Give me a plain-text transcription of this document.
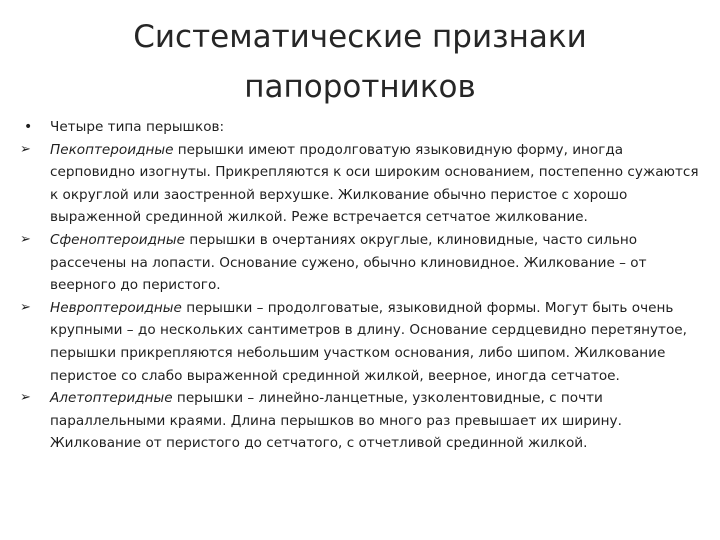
Систематические признаки
папоротников

•	Четыре типа перышков:

➢	Пекоптероидные перышки имеют продолговатую языковидную форму, иногда серповидно изогнуты. Прикрепляются к оси широким основанием, постепенно сужаются к округлой или заостренной верхушке. Жилкование обычно перистое с хорошо выраженной срединной жилкой. Реже встречается сетчатое жилкование.

➢	Сфеноптероидные перышки в очертаниях округлые, клиновидные, часто сильно рассечены на лопасти. Основание сужено, обычно клиновидное. Жилкование – от веерного до перистого.

➢	Невроптероидные перышки – продолговатые, языковидной формы. Могут быть очень крупными – до нескольких сантиметров в длину. Основание сердцевидно перетянутое, перышки прикрепляются небольшим участком основания, либо шипом. Жилкование перистое со слабо выраженной срединной жилкой, веерное, иногда сетчатое.

➢	Алетоптеридные перышки – линейно-ланцетные, узколентовидные, с почти параллельными краями. Длина перышков во много раз превышает их ширину. Жилкование от перистого до сетчатого, с отчетливой срединной жилкой.
